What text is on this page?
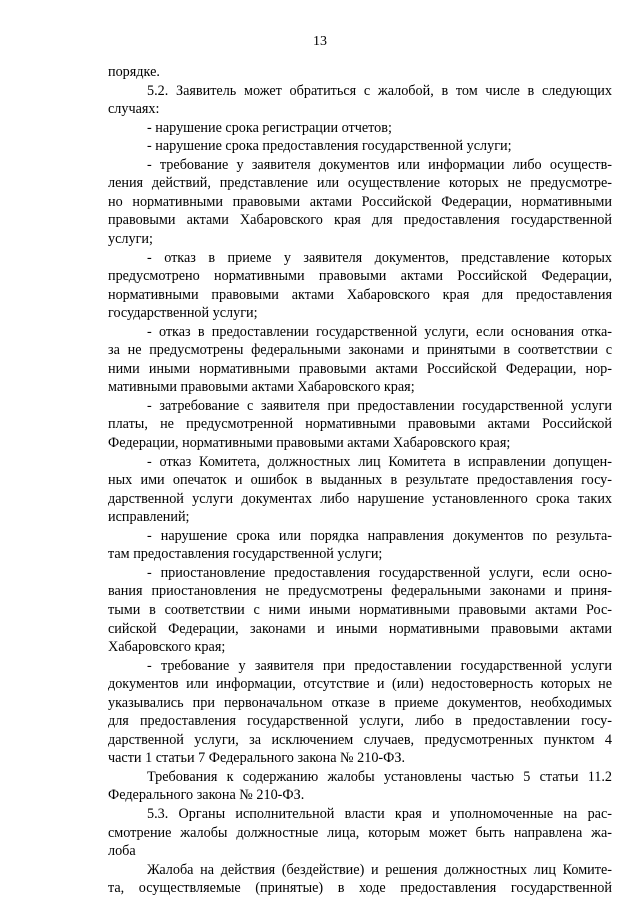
13
порядке.
5.2. Заявитель может обратиться с жалобой, в том числе в следующих
случаях:
- нарушение срока регистрации отчетов;
- нарушение срока предоставления государственной услуги;
- требование у заявителя документов или информации либо осуществ-
ления действий, представление или осуществление которых не предусмотре-
но нормативными правовыми актами Российской Федерации, нормативными
правовыми актами Хабаровского края для предоставления государственной
услуги;
- отказ в приеме у заявителя документов, представление которых
предусмотрено нормативными правовыми актами Российской Федерации,
нормативными правовыми актами Хабаровского края для предоставления
государственной услуги;
- отказ в предоставлении государственной услуги, если основания отка-
за не предусмотрены федеральными законами и принятыми в соответствии с
ними иными нормативными правовыми актами Российской Федерации, нор-
мативными правовыми актами Хабаровского края;
- затребование с заявителя при предоставлении государственной услуги
платы, не предусмотренной нормативными правовыми актами Российской
Федерации, нормативными правовыми актами Хабаровского края;
- отказ Комитета, должностных лиц Комитета в исправлении допущен-
ных ими опечаток и ошибок в выданных в результате предоставления госу-
дарственной услуги документах либо нарушение установленного срока таких
исправлений;
- нарушение срока или порядка направления документов по результа-
там предоставления государственной услуги;
- приостановление предоставления государственной услуги, если осно-
вания приостановления не предусмотрены федеральными законами и приня-
тыми в соответствии с ними иными нормативными правовыми актами Рос-
сийской Федерации, законами и иными нормативными правовыми актами
Хабаровского края;
- требование у заявителя при предоставлении государственной услуги
документов или информации, отсутствие и (или) недостоверность которых не
указывались при первоначальном отказе в приеме документов, необходимых
для предоставления государственной услуги, либо в предоставлении госу-
дарственной услуги, за исключением случаев, предусмотренных пунктом 4
части 1 статьи 7 Федерального закона № 210-ФЗ.
Требования к содержанию жалобы установлены частью 5 статьи 11.2
Федерального закона № 210-ФЗ.
5.3. Органы исполнительной власти края и уполномоченные на рас-
смотрение жалобы должностные лица, которым может быть направлена жа-
лоба
Жалоба на действия (бездействие) и решения должностных лиц Комите-
та, осуществляемые (принятые) в ходе предоставления государственной
